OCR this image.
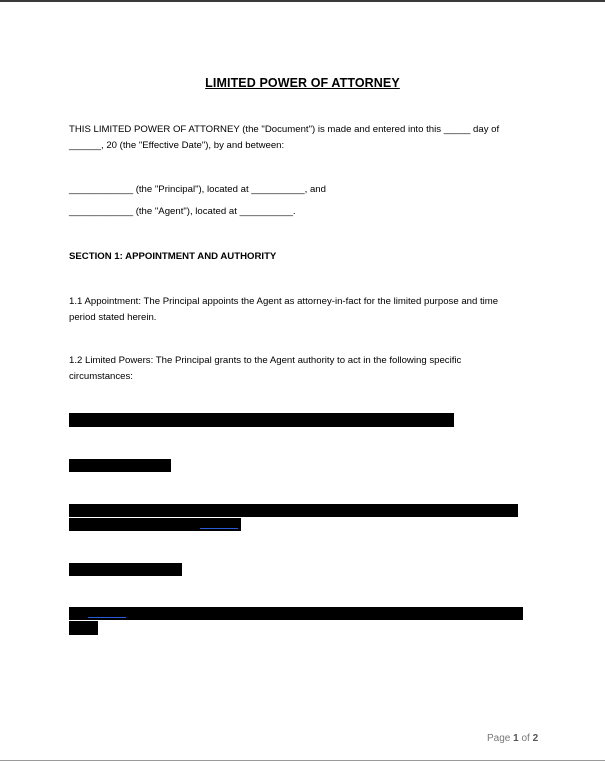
LIMITED POWER OF ATTORNEY
THIS LIMITED POWER OF ATTORNEY (the "Document") is made and entered into this _____ day of
______, 20 (the "Effective Date"), by and between:
____________ (the "Principal"), located at __________, and
____________ (the "Agent"), located at __________.
SECTION 1: APPOINTMENT AND AUTHORITY
1.1 Appointment: The Principal appoints the Agent as attorney-in-fact for the limited purpose and time
period stated herein.
1.2 Limited Powers: The Principal grants to the Agent authority to act in the following specific
circumstances:
Page 1 of 2
